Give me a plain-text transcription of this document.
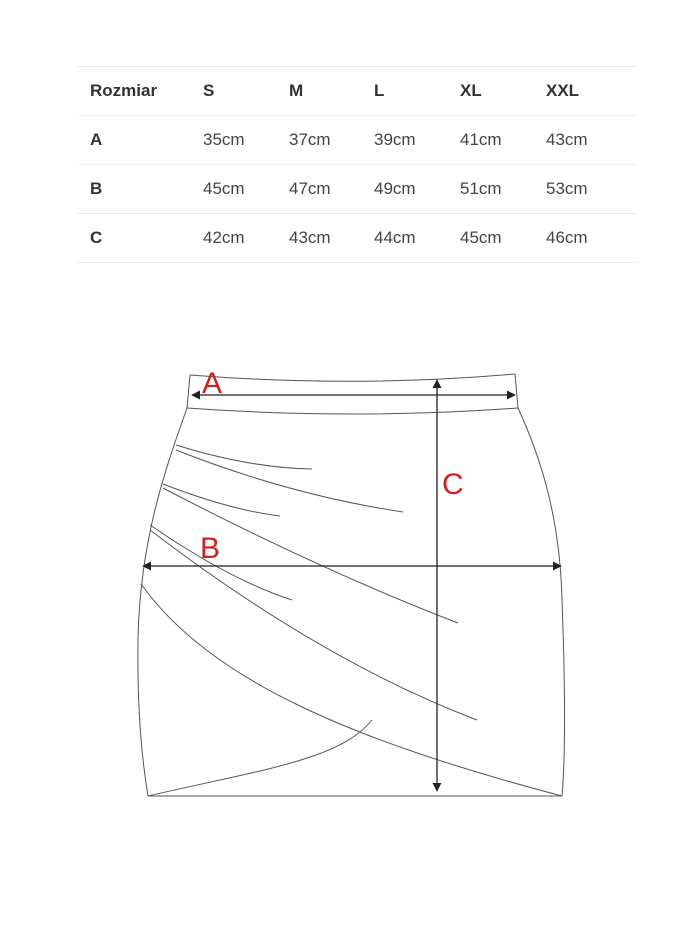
Rozmiar	S	M	L	XL	XXL
A	35cm	37cm	39cm	41cm	43cm
B	45cm	47cm	49cm	51cm	53cm
C	42cm	43cm	44cm	45cm	46cm
A
B
C
